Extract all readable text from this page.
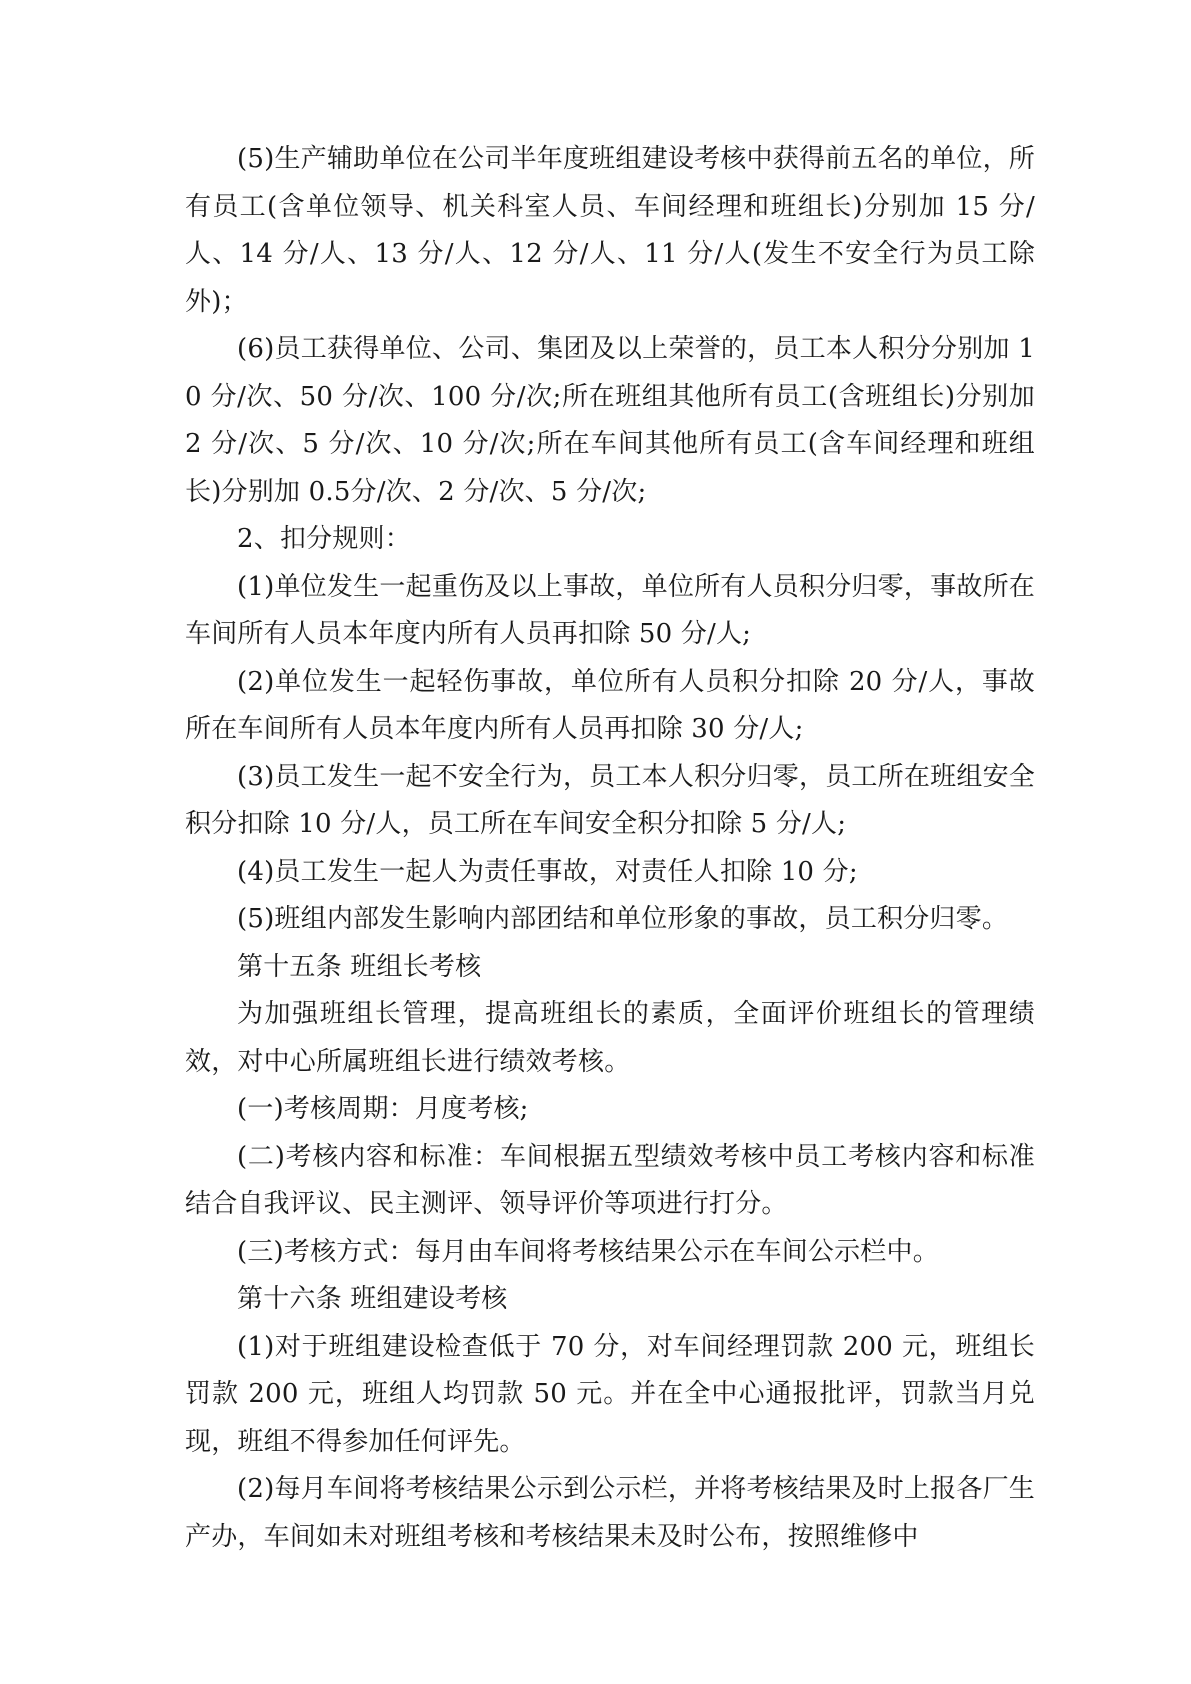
(5)生产辅助单位在公司半年度班组建设考核中获得前五名的单位，所有员工(含单位领导、机关科室人员、车间经理和班组长)分别加 15 分/人、14 分/人、13 分/人、12 分/人、11 分/人(发生不安全行为员工除外)；

(6)员工获得单位、公司、集团及以上荣誉的，员工本人积分分别加 10 分/次、50 分/次、100 分/次;所在班组其他所有员工(含班组长)分别加 2 分/次、5 分/次、10 分/次;所在车间其他所有员工(含车间经理和班组长)分别加 0.5分/次、2 分/次、5 分/次;

2、扣分规则：

(1)单位发生一起重伤及以上事故，单位所有人员积分归零，事故所在车间所有人员本年度内所有人员再扣除 50 分/人;

(2)单位发生一起轻伤事故，单位所有人员积分扣除 20 分/人，事故所在车间所有人员本年度内所有人员再扣除 30 分/人;

(3)员工发生一起不安全行为，员工本人积分归零，员工所在班组安全积分扣除 10 分/人，员工所在车间安全积分扣除 5 分/人;

(4)员工发生一起人为责任事故，对责任人扣除 10 分;

(5)班组内部发生影响内部团结和单位形象的事故，员工积分归零。

第十五条 班组长考核

为加强班组长管理，提高班组长的素质，全面评价班组长的管理绩效，对中心所属班组长进行绩效考核。

(一)考核周期：月度考核;

(二)考核内容和标准：车间根据五型绩效考核中员工考核内容和标准结合自我评议、民主测评、领导评价等项进行打分。

(三)考核方式：每月由车间将考核结果公示在车间公示栏中。

第十六条 班组建设考核

(1)对于班组建设检查低于 70 分，对车间经理罚款 200 元，班组长罚款 200 元，班组人均罚款 50 元。并在全中心通报批评，罚款当月兑现，班组不得参加任何评先。

(2)每月车间将考核结果公示到公示栏，并将考核结果及时上报各厂生产办，车间如未对班组考核和考核结果未及时公布，按照维修中
